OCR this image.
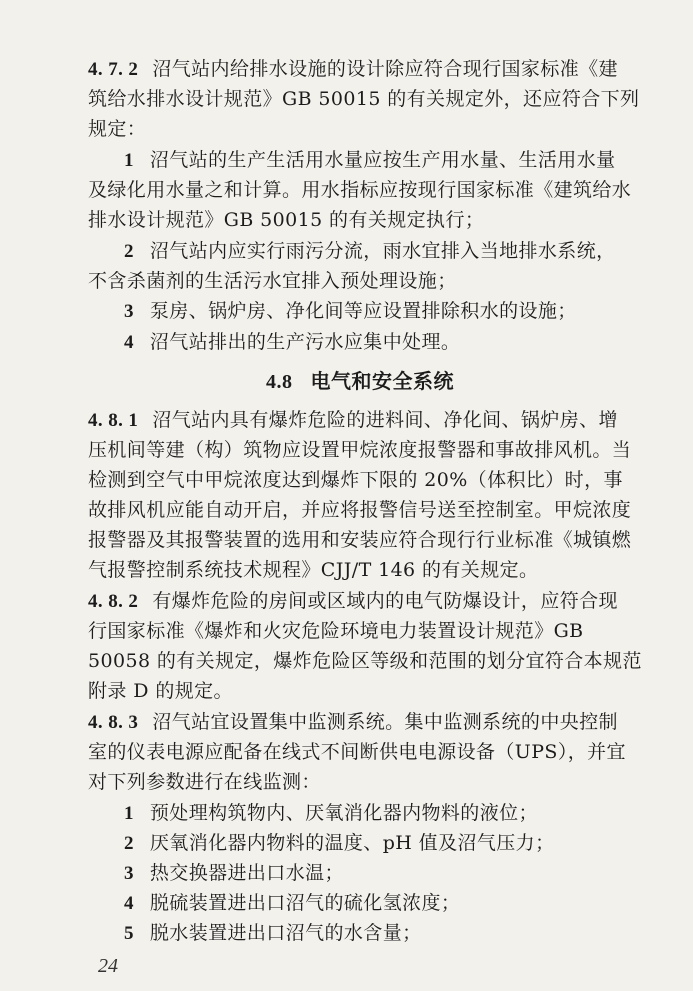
4. 7. 2 沼气站内给排水设施的设计除应符合现行国家标准《建
筑给水排水设计规范》GB 50015 的有关规定外，还应符合下列
规定：
1 沼气站的生产生活用水量应按生产用水量、生活用水量
及绿化用水量之和计算。用水指标应按现行国家标准《建筑给水
排水设计规范》GB 50015 的有关规定执行；
2 沼气站内应实行雨污分流，雨水宜排入当地排水系统，
不含杀菌剂的生活污水宜排入预处理设施；
3 泵房、锅炉房、净化间等应设置排除积水的设施；
4 沼气站排出的生产污水应集中处理。
4.8 电气和安全系统
4. 8. 1 沼气站内具有爆炸危险的进料间、净化间、锅炉房、增
压机间等建（构）筑物应设置甲烷浓度报警器和事故排风机。当
检测到空气中甲烷浓度达到爆炸下限的 20%（体积比）时，事
故排风机应能自动开启，并应将报警信号送至控制室。甲烷浓度
报警器及其报警装置的选用和安装应符合现行行业标准《城镇燃
气报警控制系统技术规程》CJJ/T 146 的有关规定。
4. 8. 2 有爆炸危险的房间或区域内的电气防爆设计，应符合现
行国家标准《爆炸和火灾危险环境电力装置设计规范》GB
50058 的有关规定，爆炸危险区等级和范围的划分宜符合本规范
附录 D 的规定。
4. 8. 3 沼气站宜设置集中监测系统。集中监测系统的中央控制
室的仪表电源应配备在线式不间断供电电源设备（UPS），并宜
对下列参数进行在线监测：
1 预处理构筑物内、厌氧消化器内物料的液位；
2 厌氧消化器内物料的温度、pH 值及沼气压力；
3 热交换器进出口水温；
4 脱硫装置进出口沼气的硫化氢浓度；
5 脱水装置进出口沼气的水含量；
24
